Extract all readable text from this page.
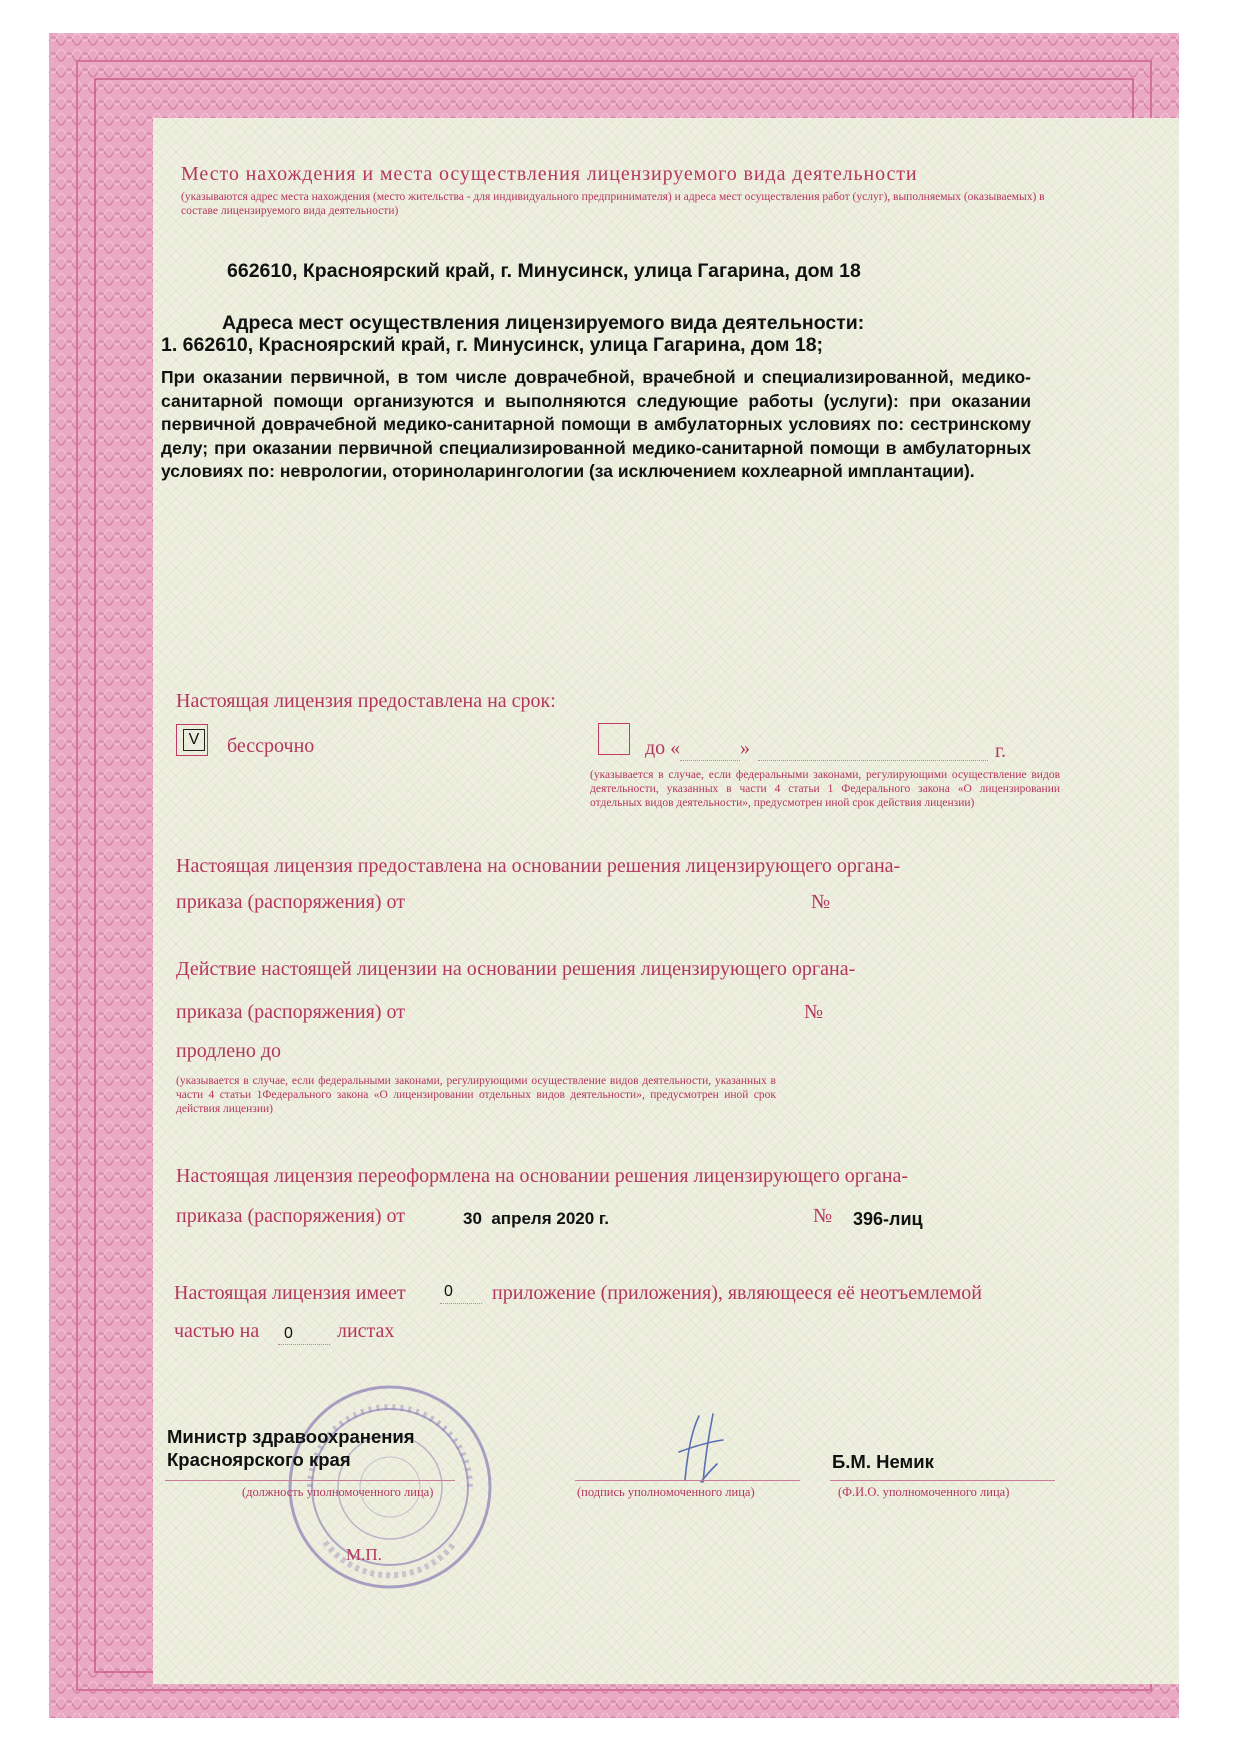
Место нахождения и места осуществления лицензируемого вида деятельности
(указываются адрес места нахождения (место жительства - для индивидуального предпринимателя) и адреса мест осуществления работ (услуг), выполняемых (оказываемых) в составе лицензируемого вида деятельности)
662610, Красноярский край, г. Минусинск, улица Гагарина, дом 18
Адреса мест осуществления лицензируемого вида деятельности:
1. 662610, Красноярский край, г. Минусинск, улица Гагарина, дом 18;
При оказании первичной, в том числе доврачебной, врачебной и специализированной, медико-санитарной помощи организуются и выполняются следующие работы (услуги): при оказании первичной доврачебной медико-санитарной помощи в амбулаторных условиях по: сестринскому делу; при оказании первичной специализированной медико-санитарной помощи в амбулаторных условиях по: неврологии, оториноларингологии (за исключением кохлеарной имплантации).
Настоящая лицензия предоставлена на срок:
V бессрочно	до «	»	г.
(указывается в случае, если федеральными законами, регулирующими осуществление видов деятельности, указанных в части 4 статьи 1 Федерального закона «О лицензировании отдельных видов деятельности», предусмотрен иной срок действия лицензии)
Настоящая лицензия предоставлена на основании решения лицензирующего органа-
приказа (распоряжения) от	№
Действие настоящей лицензии на основании решения лицензирующего органа-
приказа (распоряжения) от	№
продлено до
(указывается в случае, если федеральными законами, регулирующими осуществление видов деятельности, указанных в части 4 статьи 1Федерального закона «О лицензировании отдельных видов деятельности», предусмотрен иной срок действия лицензии)
Настоящая лицензия переоформлена на основании решения лицензирующего органа-
приказа (распоряжения) от	30  апреля 2020 г.	№ 396-лиц
Настоящая лицензия имеет 0 приложение (приложения), являющееся её неотъемлемой
частью на 0 листах
Министр здравоохранения
Красноярского края
(должность уполномоченного лица)	(подпись уполномоченного лица)
Б.М. Немик
(Ф.И.О. уполномоченного лица)
М.П.
